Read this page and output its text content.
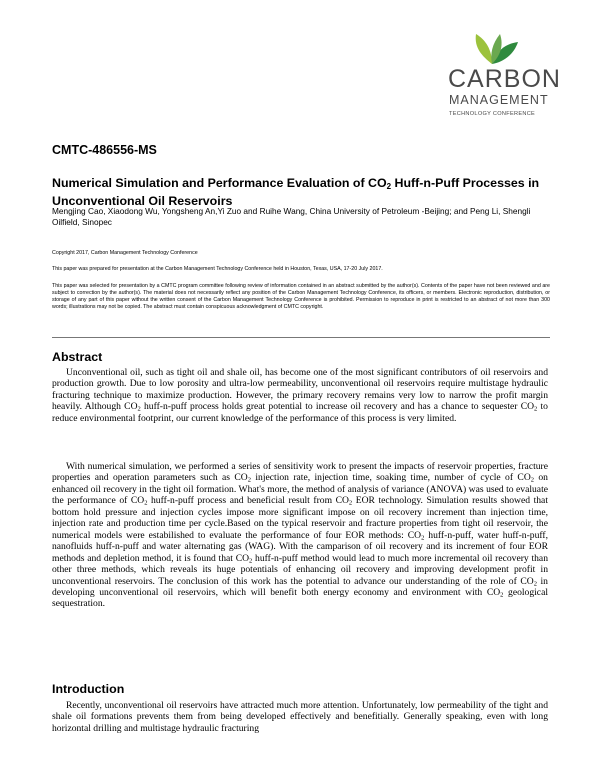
CARBON
MANAGEMENT
TECHNOLOGY CONFERENCE
CMTC-486556-MS

Numerical Simulation and Performance Evaluation of $CO_2$ Huff-n-Puff Processes in Unconventional Oil Reservoirs

Mengjing Cao, Xiaodong Wu, Yongsheng An,Yi Zuo and Ruihe Wang, China University of Petroleum -Beijing; and Peng Li, Shengli Oilfield, Sinopec

Copyright 2017, Carbon Management Technology Conference

This paper was prepared for presentation at the Carbon Management Technology Conference held in Houston, Texas, USA, 17-20 July 2017.

This paper was selected for presentation by a CMTC program committee following review of information contained in an abstract submitted by the author(s). Contents of the paper have not been reviewed and are subject to correction by the author(s). The material does not necessarily reflect any position of the Carbon Management Technology Conference, its officers, or members. Electronic reproduction, distribution, or storage of any part of this paper without the written consent of the Carbon Management Technology Conference is prohibited. Permission to reproduce in print is restricted to an abstract of not more than 300 words; illustrations may not be copied. The abstract must contain conspicuous acknowledgment of CMTC copyright.

Abstract

Unconventional oil, such as tight oil and shale oil, has become one of the most significant contributors of oil reservoirs and production growth. Due to low porosity and ultra-low permeability, unconventional oil reservoirs require multistage hydraulic fracturing technique to maximize production. However, the primary recovery remains very low to narrow the profit margin heavily. Although $CO_2$ huff-n-puff process holds great potential to increase oil recovery and has a chance to sequester $CO_2$ to reduce environmental footprint, our current knowledge of the performance of this process is very limited.

With numerical simulation, we performed a series of sensitivity work to present the impacts of reservoir properties, fracture properties and operation parameters such as $CO_2$ injection rate, injection time, soaking time, number of cycle of $CO_2$ on enhanced oil recovery in the tight oil formation. What's more, the method of analysis of variance (ANOVA) was used to evaluate the performance of $CO_2$ huff-n-puff process and beneficial result from $CO_2$ EOR technology. Simulation results showed that bottom hold pressure and injection cycles impose more significant impose on oil recovery increment than injection time, injection rate and production time per cycle.Based on the typical reservoir and fracture properties from tight oil reservoir, the numerical models were estabilished to evaluate the performance of four EOR methods: $CO_2$ huff-n-puff, water huff-n-puff, nanofluids huff-n-puff and water alternating gas (WAG). With the camparison of oil recovery and its increment of four EOR methods and depletion method, it is found that $CO_2$ huff-n-puff method would lead to much more incremental oil recovery than other three methods, which reveals its huge potentials of enhancing oil recovery and improving development profit in unconventional reservoirs. The conclusion of this work has the potential to advance our understanding of the role of $CO_2$ in developing unconventional oil reservoirs, which will benefit both energy economy and environment with $CO_2$ geological sequestration.

Introduction

Recently, unconventional oil reservoirs have attracted much more attention. Unfortunately, low permeability of the tight and shale oil formations prevents them from being developed effectively and benefitially. Generally speaking, even with long horizontal drilling and multistage hydraulic fracturing
